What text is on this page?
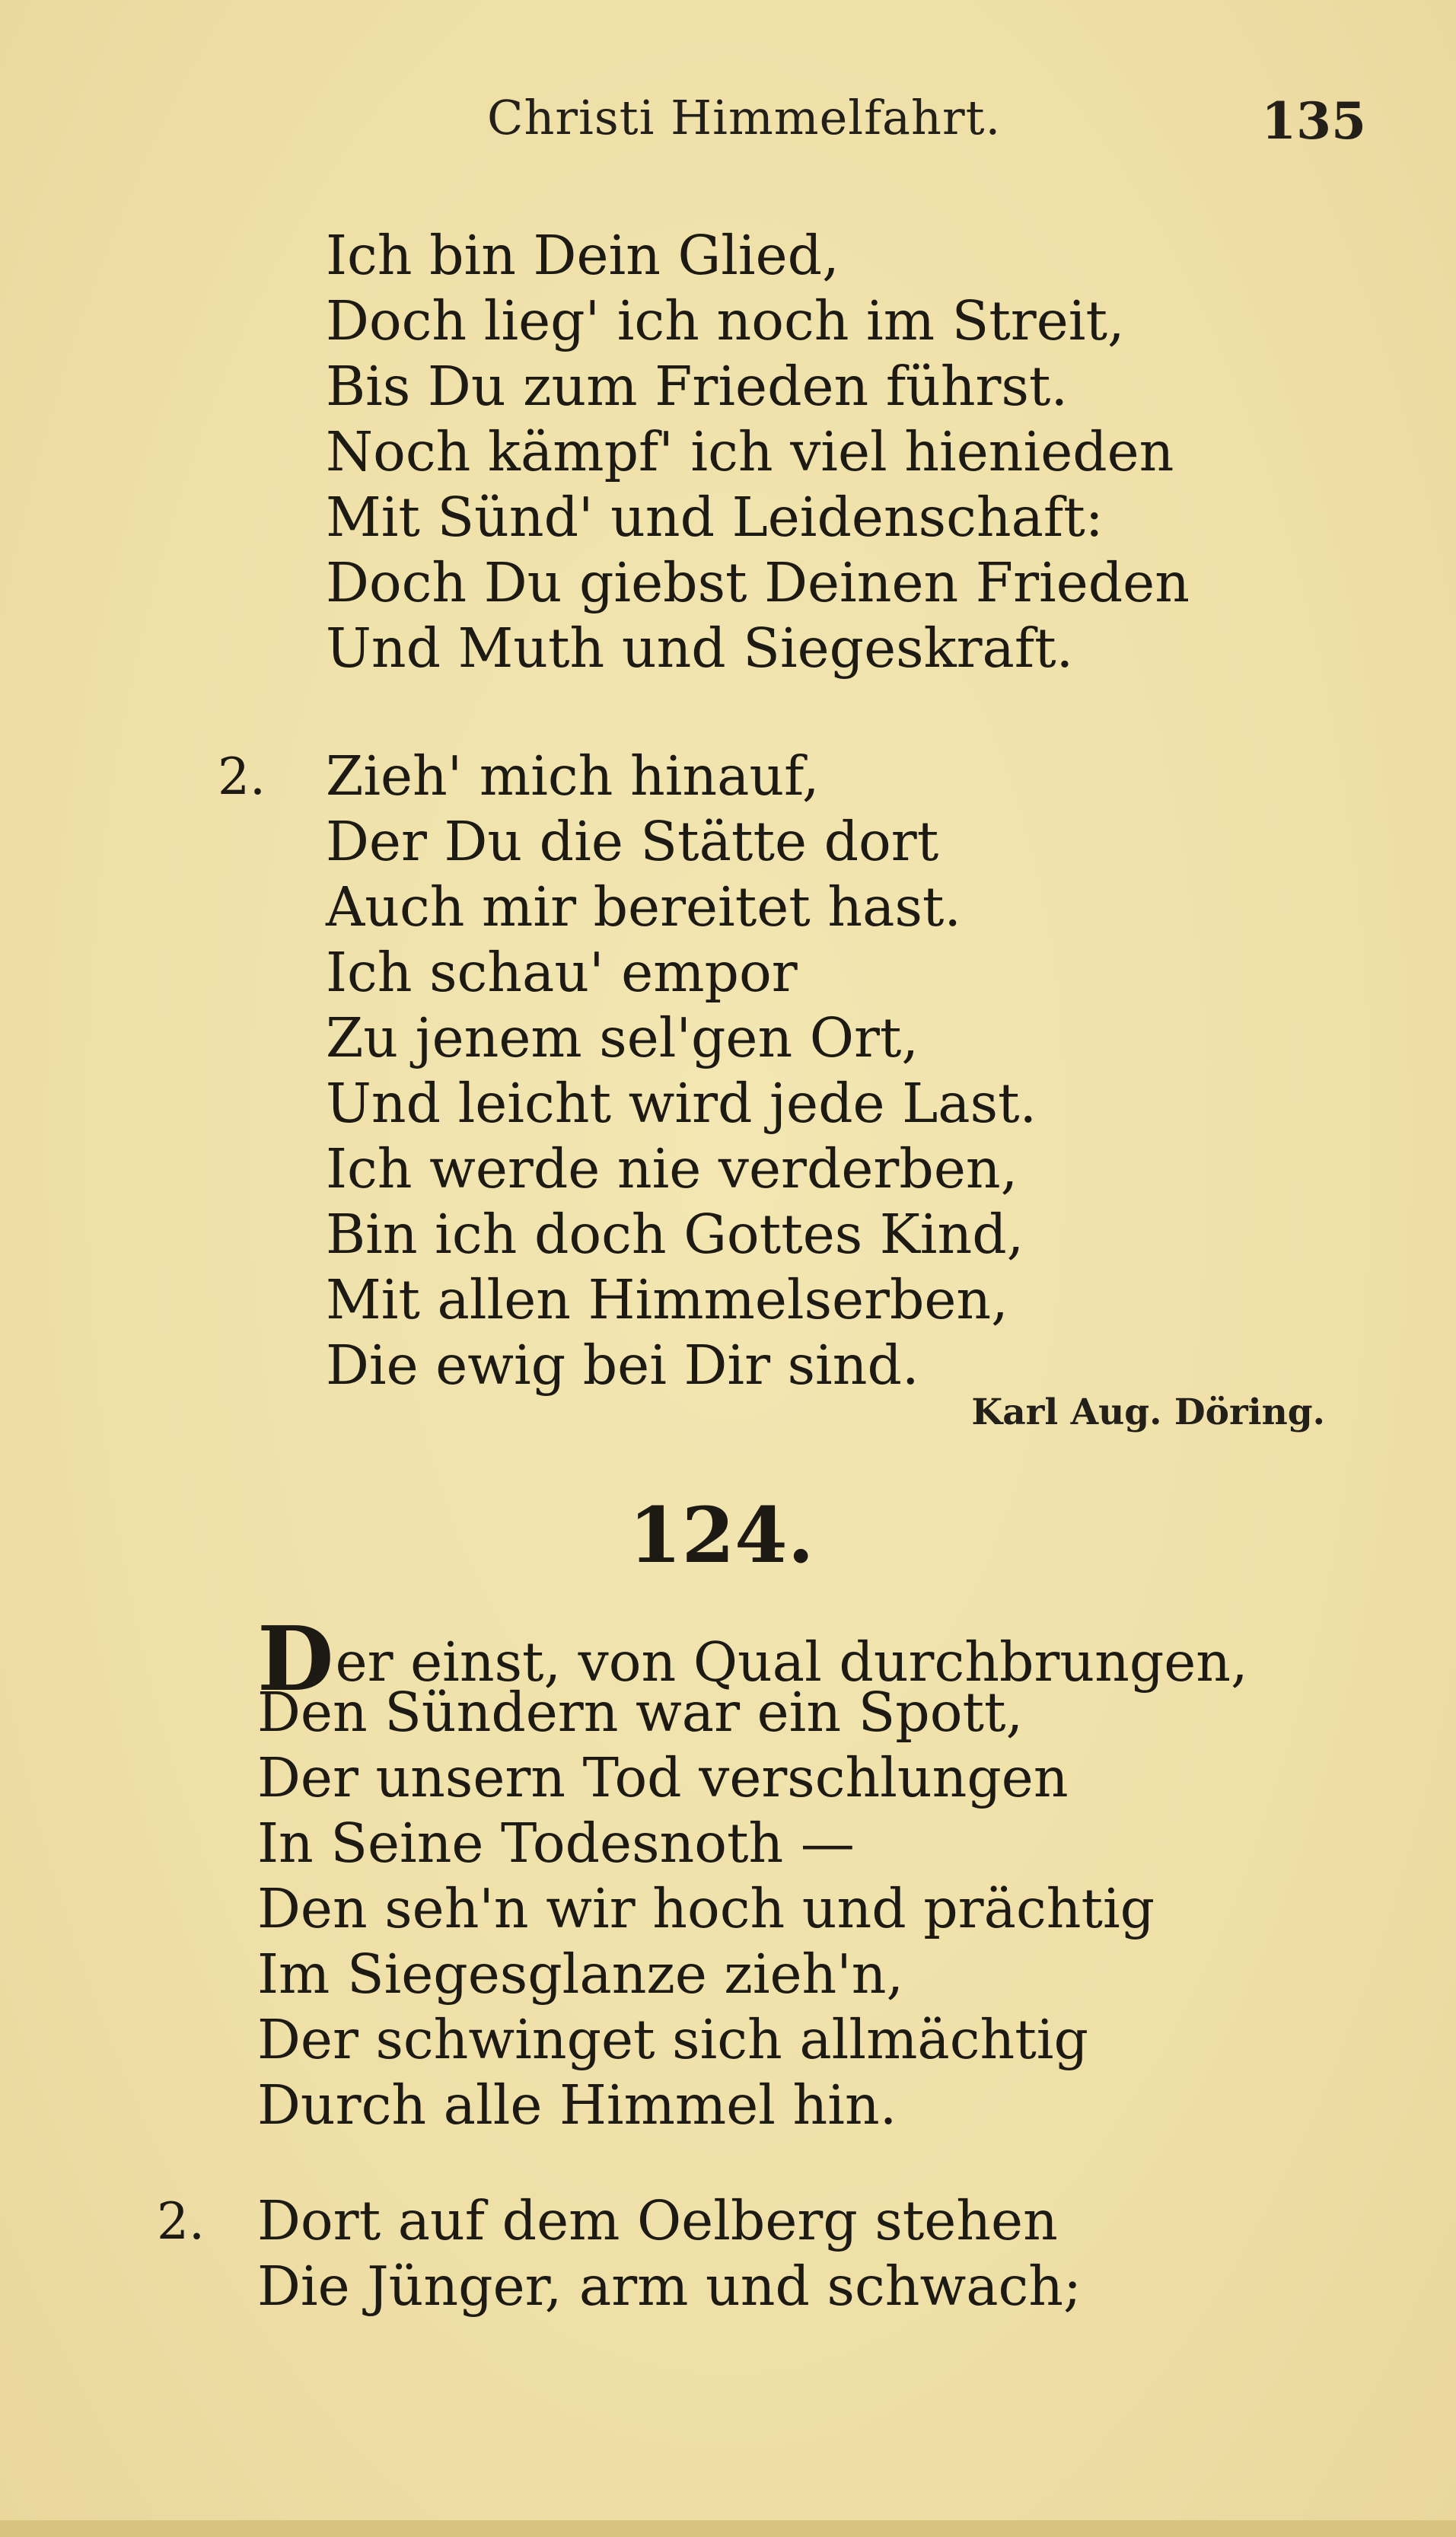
Christi Himmelfahrt.	135
Ich bin Dein Glied,
Doch lieg' ich noch im Streit,
Bis Du zum Frieden führst.
Noch kämpf' ich viel hienieden
Mit Sünd' und Leidenschaft:
Doch Du giebst Deinen Frieden
Und Muth und Siegeskraft.
2. Zieh' mich hinauf,
Der Du die Stätte dort
Auch mir bereitet hast.
Ich schau' empor
Zu jenem sel'gen Ort,
Und leicht wird jede Last.
Ich werde nie verderben,
Bin ich doch Gottes Kind,
Mit allen Himmelserben,
Die ewig bei Dir sind.
Karl Aug. Döring.
124.
Der einst, von Qual durchbrungen,
Den Sündern war ein Spott,
Der unsern Tod verschlungen
In Seine Todesnoth —
Den seh'n wir hoch und prächtig
Im Siegesglanze zieh'n,
Der schwinget sich allmächtig
Durch alle Himmel hin.
2. Dort auf dem Oelberg stehen
Die Jünger, arm und schwach;
